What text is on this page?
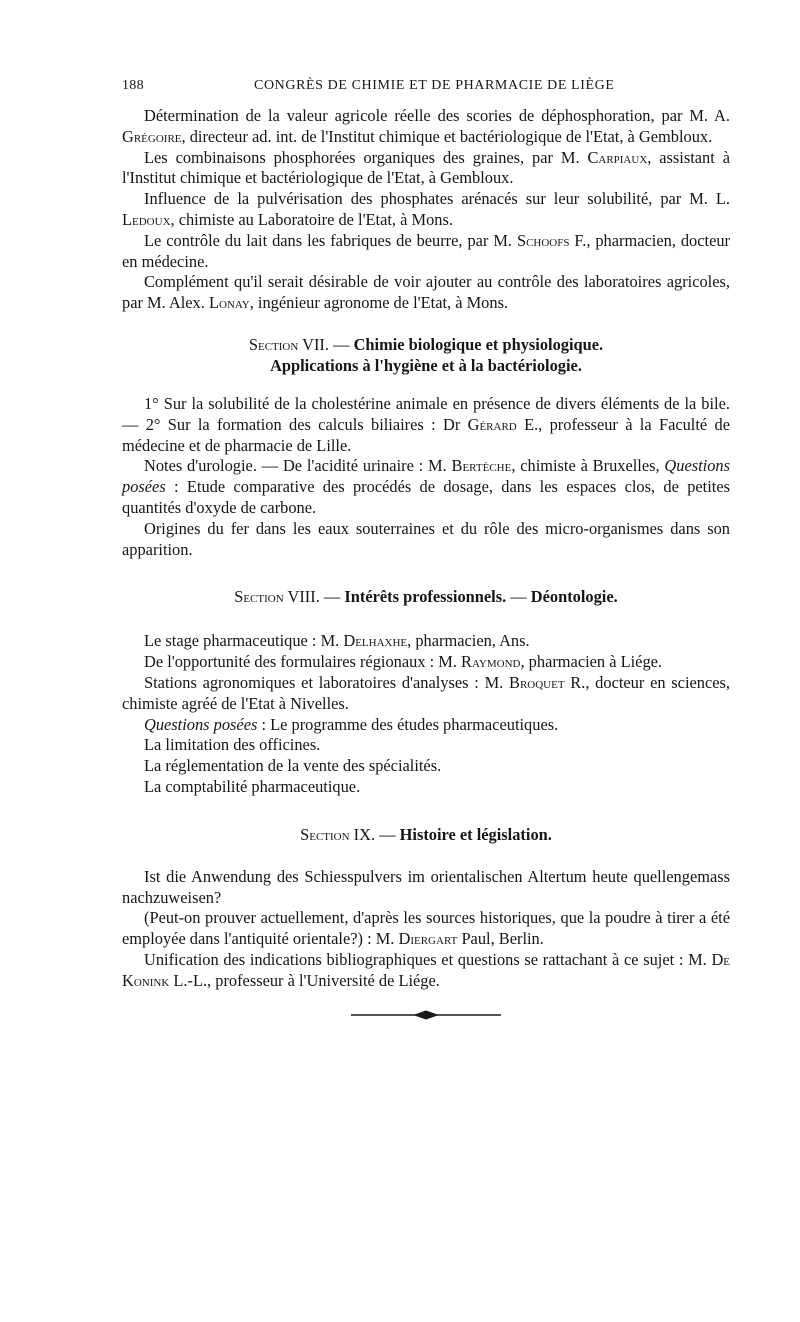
188	CONGRÈS DE CHIMIE ET DE PHARMACIE DE LIÈGE

Détermination de la valeur agricole réelle des scories de déphosphoration, par M. A. Grégoire, directeur ad. int. de l'Institut chimique et bactériologique de l'Etat, à Gembloux.

Les combinaisons phosphorées organiques des graines, par M. Carpiaux, assistant à l'Institut chimique et bactériologique de l'Etat, à Gembloux.

Influence de la pulvérisation des phosphates arénacés sur leur solubilité, par M. L. Ledoux, chimiste au Laboratoire de l'Etat, à Mons.

Le contrôle du lait dans les fabriques de beurre, par M. Schoofs F., pharmacien, docteur en médecine.

Complément qu'il serait désirable de voir ajouter au contrôle des laboratoires agricoles, par M. Alex. Lonay, ingénieur agronome de l'Etat, à Mons.

Section VII. — Chimie biologique et physiologique.
Applications à l'hygiène et à la bactériologie.

1° Sur la solubilité de la cholestérine animale en présence de divers éléments de la bile. — 2° Sur la formation des calculs biliaires : Dr Gérard E., professeur à la Faculté de médecine et de pharmacie de Lille.

Notes d'urologie. — De l'acidité urinaire : M. Bertèche, chimiste à Bruxelles, Questions posées : Etude comparative des procédés de dosage, dans les espaces clos, de petites quantités d'oxyde de carbone.

Origines du fer dans les eaux souterraines et du rôle des micro-organismes dans son apparition.

Section VIII. — Intérêts professionnels. — Déontologie.

Le stage pharmaceutique : M. Delhaxhe, pharmacien, Ans.

De l'opportunité des formulaires régionaux : M. Raymond, pharmacien à Liége.

Stations agronomiques et laboratoires d'analyses : M. Broquet R., docteur en sciences, chimiste agréé de l'Etat à Nivelles.

Questions posées : Le programme des études pharmaceutiques.

La limitation des officines.

La réglementation de la vente des spécialités.

La comptabilité pharmaceutique.

Section IX. — Histoire et législation.

Ist die Anwendung des Schiesspulvers im orientalischen Altertum heute quellengemass nachzuweisen?

(Peut-on prouver actuellement, d'après les sources historiques, que la poudre à tirer a été employée dans l'antiquité orientale?) : M. Diergart Paul, Berlin.

Unification des indications bibliographiques et questions se rattachant à ce sujet : M. De Konink L.-L., professeur à l'Université de Liége.
